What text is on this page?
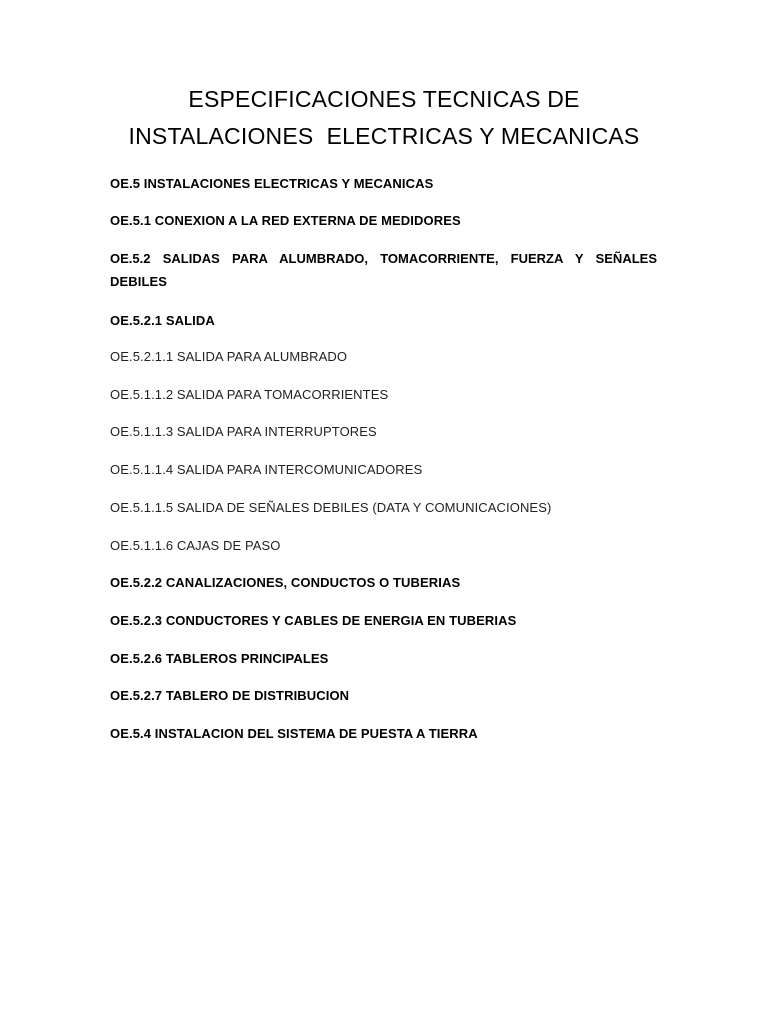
ESPECIFICACIONES TECNICAS DE
INSTALACIONES  ELECTRICAS Y MECANICAS
OE.5 INSTALACIONES ELECTRICAS Y MECANICAS
OE.5.1 CONEXION A LA RED EXTERNA DE MEDIDORES
OE.5.2 SALIDAS PARA ALUMBRADO, TOMACORRIENTE, FUERZA Y SEÑALES
DEBILES
OE.5.2.1 SALIDA
OE.5.2.1.1 SALIDA PARA ALUMBRADO
OE.5.1.1.2 SALIDA PARA TOMACORRIENTES
OE.5.1.1.3 SALIDA PARA INTERRUPTORES
OE.5.1.1.4 SALIDA PARA INTERCOMUNICADORES
OE.5.1.1.5 SALIDA DE SEÑALES DEBILES (DATA Y COMUNICACIONES)
OE.5.1.1.6 CAJAS DE PASO
OE.5.2.2 CANALIZACIONES, CONDUCTOS O TUBERIAS
OE.5.2.3 CONDUCTORES Y CABLES DE ENERGIA EN TUBERIAS
OE.5.2.6 TABLEROS PRINCIPALES
OE.5.2.7 TABLERO DE DISTRIBUCION
OE.5.4 INSTALACION DEL SISTEMA DE PUESTA A TIERRA
